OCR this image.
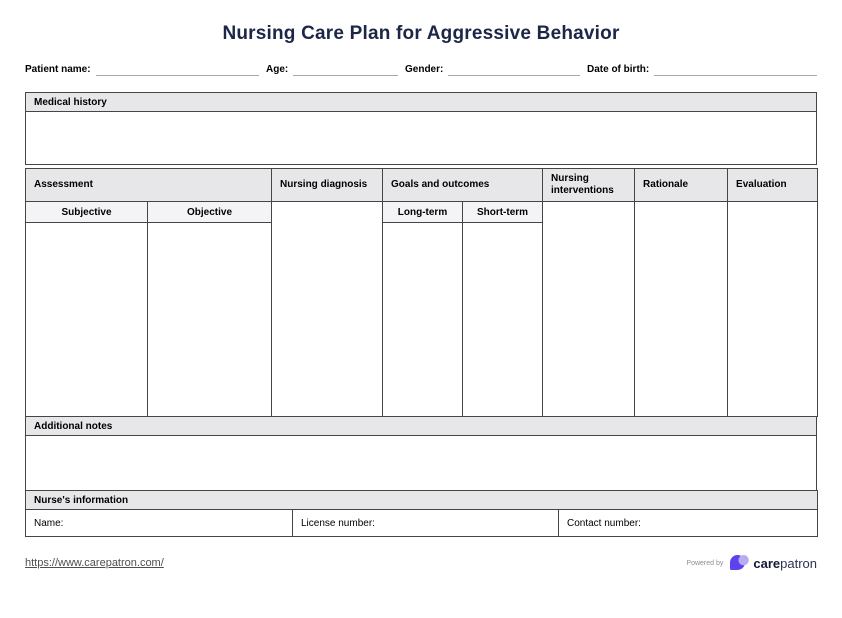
Nursing Care Plan for Aggressive Behavior
Patient name:	Age:	Gender:	Date of birth:
Medical history

Assessment		Nursing diagnosis	Goals and outcomes		Nursing interventions	Rationale	Evaluation
Subjective	Objective		Long-term	Short-term			

Additional notes

Nurse's information
Name:	License number:	Contact number:
https://www.carepatron.com/	Powered by care patron
